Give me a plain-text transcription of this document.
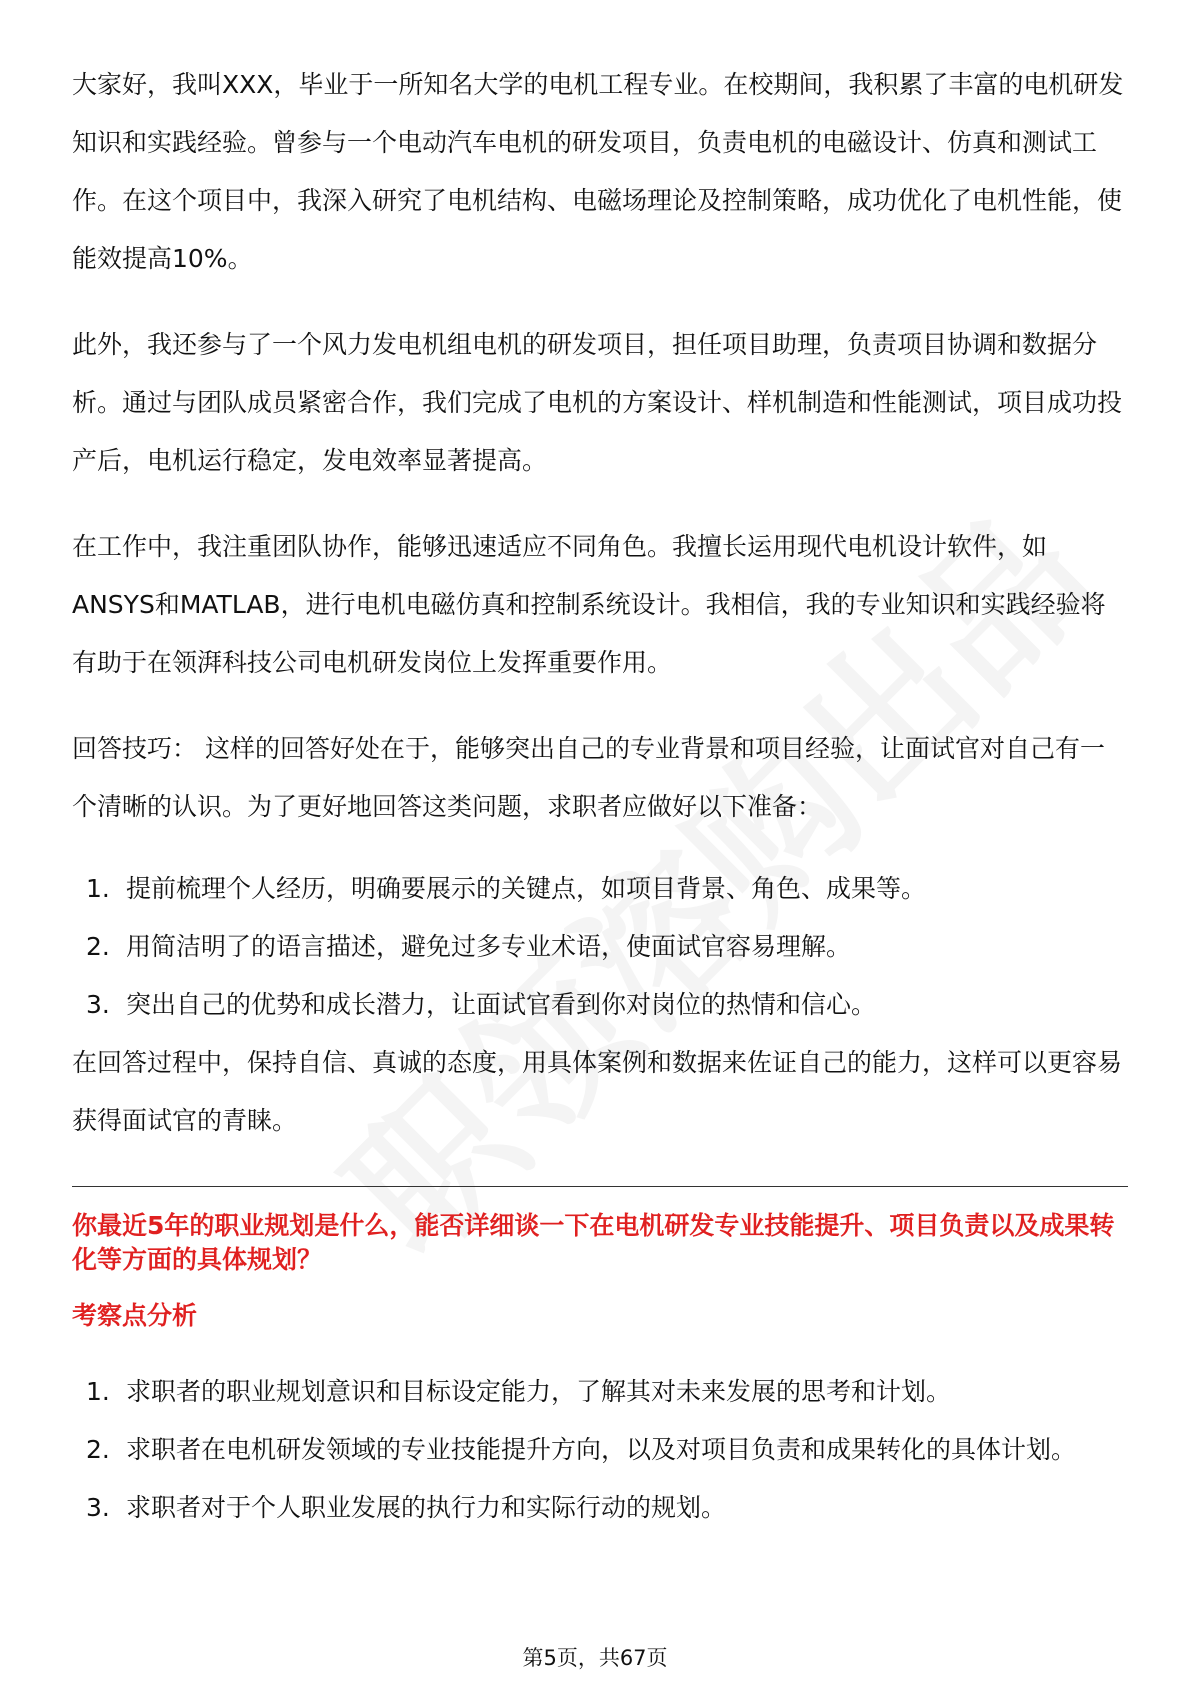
大家好，我叫XXX，毕业于一所知名大学的电机工程专业。在校期间，我积累了丰富的电机研发知识和实践经验。曾参与一个电动汽车电机的研发项目，负责电机的电磁设计、仿真和测试工作。在这个项目中，我深入研究了电机结构、电磁场理论及控制策略，成功优化了电机性能，使能效提高10%。

此外，我还参与了一个风力发电机组电机的研发项目，担任项目助理，负责项目协调和数据分析。通过与团队成员紧密合作，我们完成了电机的方案设计、样机制造和性能测试，项目成功投产后，电机运行稳定，发电效率显著提高。

在工作中，我注重团队协作，能够迅速适应不同角色。我擅长运用现代电机设计软件，如ANSYS和MATLAB，进行电机电磁仿真和控制系统设计。我相信，我的专业知识和实践经验将有助于在领湃科技公司电机研发岗位上发挥重要作用。

回答技巧： 这样的回答好处在于，能够突出自己的专业背景和项目经验，让面试官对自己有一个清晰的认识。为了更好地回答这类问题，求职者应做好以下准备：

1. 提前梳理个人经历，明确要展示的关键点，如项目背景、角色、成果等。
2. 用简洁明了的语言描述，避免过多专业术语，使面试官容易理解。
3. 突出自己的优势和成长潜力，让面试官看到你对岗位的热情和信心。

在回答过程中，保持自信、真诚的态度，用具体案例和数据来佐证自己的能力，这样可以更容易获得面试官的青睐。

你最近5年的职业规划是什么，能否详细谈一下在电机研发专业技能提升、项目负责以及成果转化等方面的具体规划？
考察点分析
1. 求职者的职业规划意识和目标设定能力，了解其对未来发展的思考和计划。
2. 求职者在电机研发领域的专业技能提升方向，以及对项目负责和成果转化的具体计划。
3. 求职者对于个人职业发展的执行力和实际行动的规划。
第5页，共67页
